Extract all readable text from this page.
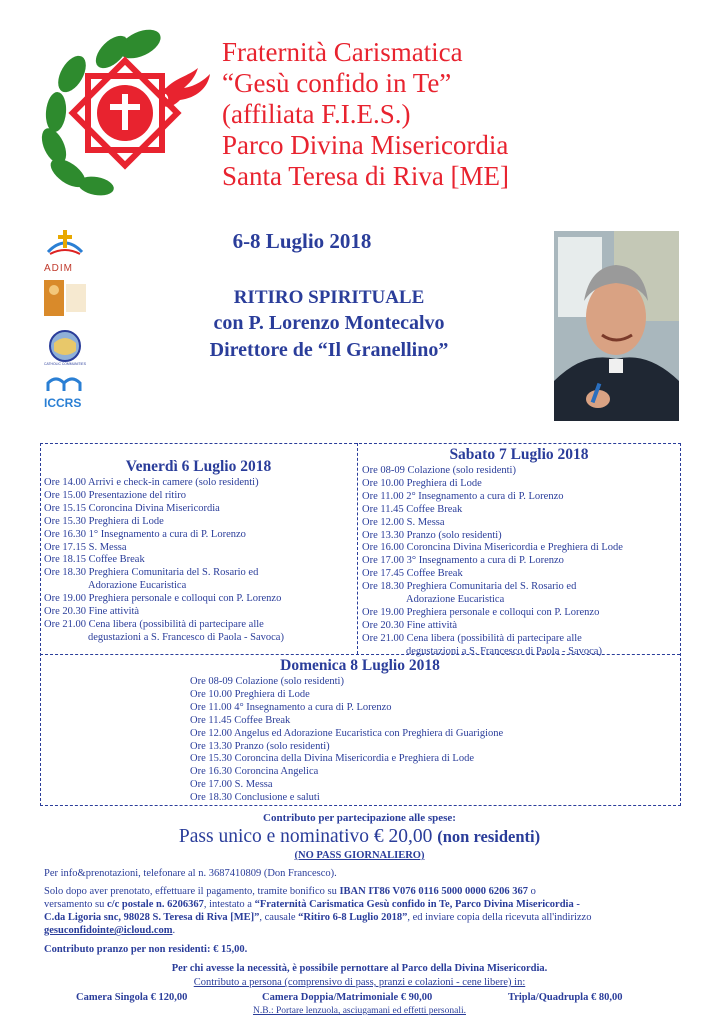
Fraternità Carismatica
“Gesù confido in Te”
(affiliata F.I.E.S.)
Parco Divina Misericordia
Santa Teresa di Riva [ME]
ADIM
CATHOLIC COMMUNITIES
ICCRS
6-8 Luglio 2018
RITIRO SPIRITUALE
con P. Lorenzo Montecalvo
Direttore de “Il Granellino”
Venerdì 6 Luglio 2018
Ore 14.00 Arrivi e check-in camere (solo residenti)
Ore 15.00 Presentazione del ritiro
Ore 15.15 Coroncina Divina Misericordia
Ore 15.30 Preghiera di Lode
Ore 16.30 1° Insegnamento a cura di P. Lorenzo
Ore 17.15 S. Messa
Ore 18.15 Coffee Break
Ore 18.30 Preghiera Comunitaria del S. Rosario ed
Adorazione Eucaristica
Ore 19.00 Preghiera personale e colloqui con P. Lorenzo
Ore 20.30 Fine attività
Ore 21.00 Cena libera (possibilità di partecipare alle
degustazioni a S. Francesco di Paola - Savoca)
Sabato 7 Luglio 2018
Ore 08-09 Colazione (solo residenti)
Ore 10.00 Preghiera di Lode
Ore 11.00 2° Insegnamento a cura di P. Lorenzo
Ore 11.45 Coffee Break
Ore 12.00 S. Messa
Ore 13.30 Pranzo (solo residenti)
Ore 16.00 Coroncina Divina Misericordia e Preghiera di Lode
Ore 17.00 3° Insegnamento a cura di P. Lorenzo
Ore 17.45 Coffee Break
Ore 18.30 Preghiera Comunitaria del S. Rosario ed
Adorazione Eucaristica
Ore 19.00 Preghiera personale e colloqui con P. Lorenzo
Ore 20.30 Fine attività
Ore 21.00 Cena libera (possibilità di partecipare alle
degustazioni a S. Francesco di Paola - Savoca)
Domenica 8 Luglio 2018
Ore 08-09 Colazione (solo residenti)
Ore 10.00 Preghiera di Lode
Ore 11.00 4° Insegnamento a cura di P. Lorenzo
Ore 11.45 Coffee Break
Ore 12.00 Angelus ed Adorazione Eucaristica con Preghiera di Guarigione
Ore 13.30 Pranzo (solo residenti)
Ore 15.30 Coroncina della Divina Misericordia e Preghiera di Lode
Ore 16.30 Coroncina Angelica
Ore 17.00 S. Messa
Ore 18.30 Conclusione e saluti
Contributo per partecipazione alle spese:
Pass unico e nominativo € 20,00 (non residenti)
(NO PASS GIORNALIERO)
Per info&prenotazioni, telefonare al n. 3687410809 (Don Francesco).
Solo dopo aver prenotato, effettuare il pagamento, tramite bonifico su IBAN IT86 V076 0116 5000 0000 6206 367 o
versamento su c/c postale n. 6206367, intestato a “Fraternità Carismatica Gesù confido in Te, Parco Divina Misericordia -
C.da Ligoria snc, 98028 S. Teresa di Riva [ME]”, causale “Ritiro 6-8 Luglio 2018”, ed inviare copia della ricevuta all'indirizzo
gesuconfidointe@icloud.com.
Contributo pranzo per non residenti: € 15,00.
Per chi avesse la necessità, è possibile pernottare al Parco della Divina Misericordia.
Contributo a persona (comprensivo di pass, pranzi e colazioni - cene libere) in:
Camera Singola € 120,00	Camera Doppia/Matrimoniale € 90,00	Tripla/Quadrupla € 80,00
N.B.: Portare lenzuola, asciugamani ed effetti personali.
